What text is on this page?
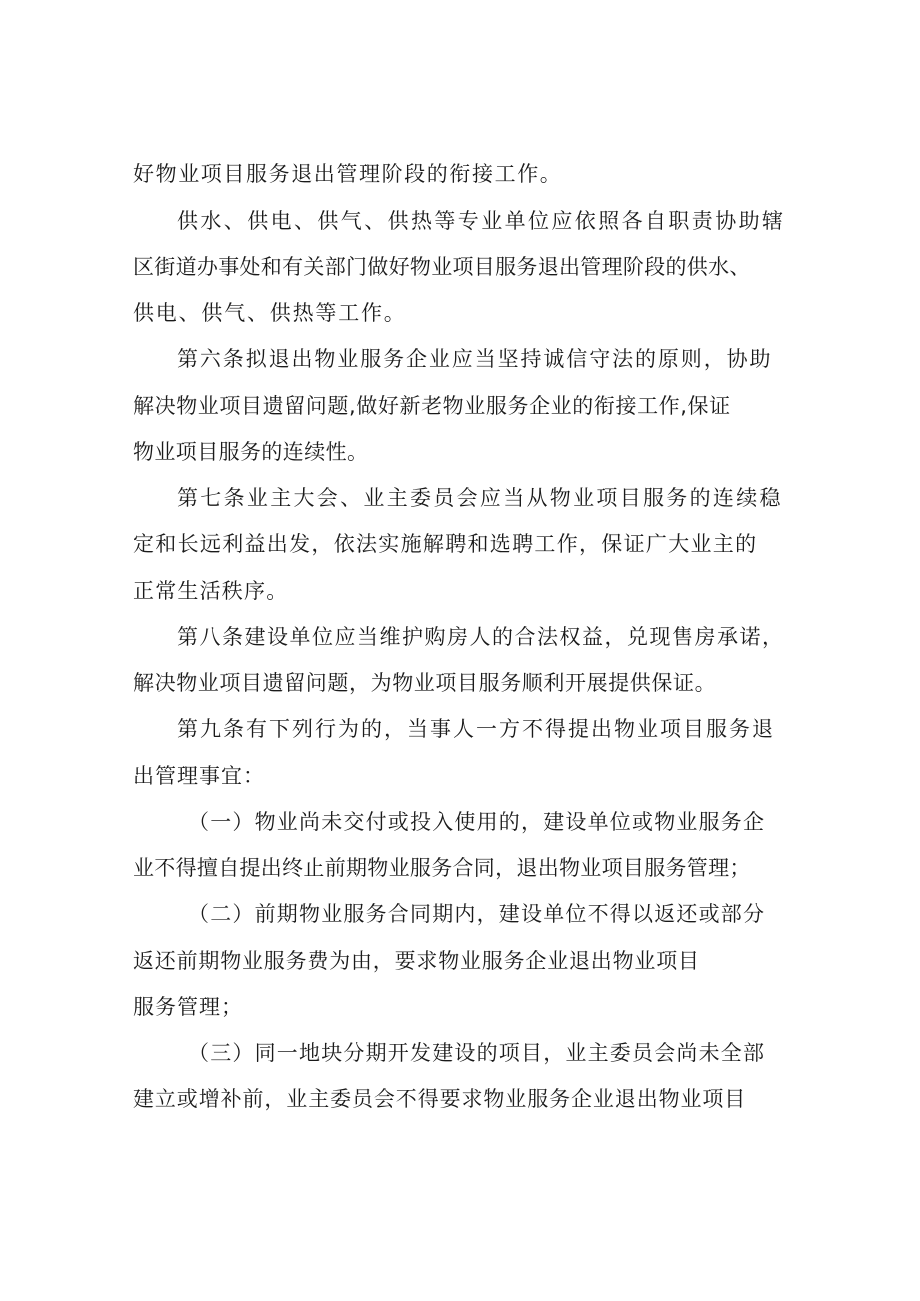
好物业项目服务退出管理阶段的衔接工作。

供水、供电、供气、供热等专业单位应依照各自职责协助辖

区街道办事处和有关部门做好物业项目服务退出管理阶段的供水、

供电、供气、供热等工作。

第六条拟退出物业服务企业应当坚持诚信守法的原则，协助

解决物业项目遗留问题,做好新老物业服务企业的衔接工作,保证

物业项目服务的连续性。

第七条业主大会、业主委员会应当从物业项目服务的连续稳

定和长远利益出发，依法实施解聘和选聘工作，保证广大业主的

正常生活秩序。

第八条建设单位应当维护购房人的合法权益，兑现售房承诺，

解决物业项目遗留问题，为物业项目服务顺利开展提供保证。

第九条有下列行为的，当事人一方不得提出物业项目服务退

出管理事宜：

（一）物业尚未交付或投入使用的，建设单位或物业服务企

业不得擅自提出终止前期物业服务合同，退出物业项目服务管理；

（二）前期物业服务合同期内，建设单位不得以返还或部分

返还前期物业服务费为由，要求物业服务企业退出物业项目

服务管理；

（三）同一地块分期开发建设的项目，业主委员会尚未全部

建立或增补前，业主委员会不得要求物业服务企业退出物业项目
